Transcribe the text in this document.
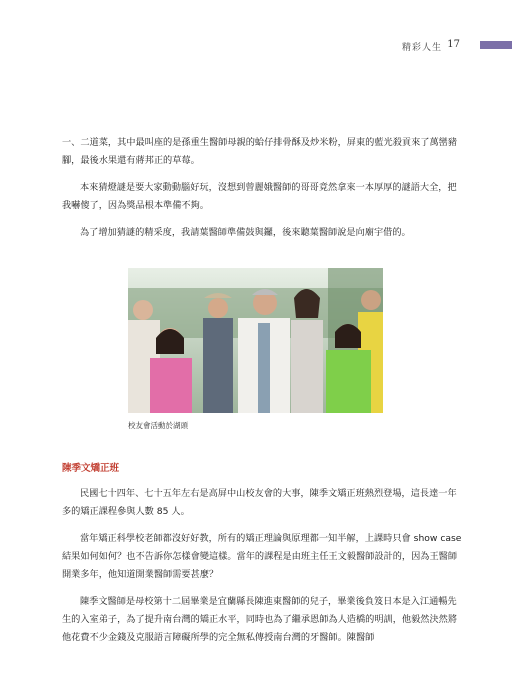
精彩人生 17

一、二道菜，其中最叫座的是孫重生醫師母親的蛤仔排骨酥及炒米粉，屏東的藍光殺貢來了萬巒豬腳，最後水果還有蔣邦正的草莓。

本來猜燈謎是要大家動動腦好玩，沒想到曾麗娥醫師的哥哥竟然拿來一本厚厚的謎語大全，把我嚇傻了，因為獎品根本準備不夠。

為了增加猜謎的精采度，我請葉醫師準備鼓與鑼，後來聽葉醫師說是向廟宇借的。

校友會活動於湖頭
陳季文矯正班

民國七十四年、七十五年左右是高屏中山校友會的大事，陳季文矯正班熱烈登場，這長達一年多的矯正課程參與人數 85 人。

當年矯正科學校老師都沒好好教，所有的矯正理論與原理都一知半解，上課時只會 show case 結果如何如何？也不告訴你怎樣會變這樣。當年的課程是由班主任王文毅醫師設計的，因為王醫師開業多年，他知道開業醫師需要甚麼？

陳季文醫師是母校第十二屆畢業是宜蘭縣長陳進東醫師的兒子，畢業後負笈日本是入江通暢先生的入室弟子，為了提升南台灣的矯正水平，同時也為了繼承恩師為人造橋的明訓，他毅然決然將他花費不少金錢及克服語言障礙所學的完全無私傳授南台灣的牙醫師。陳醫師
